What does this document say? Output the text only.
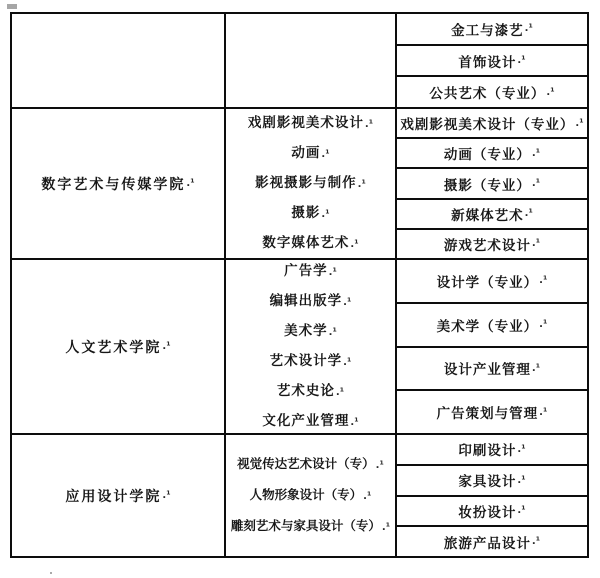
金工与漆艺 .¹
首饰设计 .¹
公共艺术（专业） .¹
数字艺术与传媒学院 .¹
戏剧影视美术设计.¹
动画.¹
影视摄影与制作.¹
摄影.¹
数字媒体艺术.¹
戏剧影视美术设计（专业） .¹
动画（专业） .¹
摄影（专业） .¹
新媒体艺术 .¹
游戏艺术设计 .¹
人文艺术学院 .¹
广告学.¹
编辑出版学.¹
美术学.¹
艺术设计学.¹
艺术史论.¹
文化产业管理.¹
设计学（专业） .¹
美术学（专业） .¹
设计产业管理 .¹
广告策划与管理 .¹
应用设计学院 .¹
视觉传达艺术设计（专）.¹
人物形象设计（专）.¹
雕刻艺术与家具设计（专）.¹
印刷设计 .¹
家具设计 .¹
妆扮设计 .¹
旅游产品设计 .¹
